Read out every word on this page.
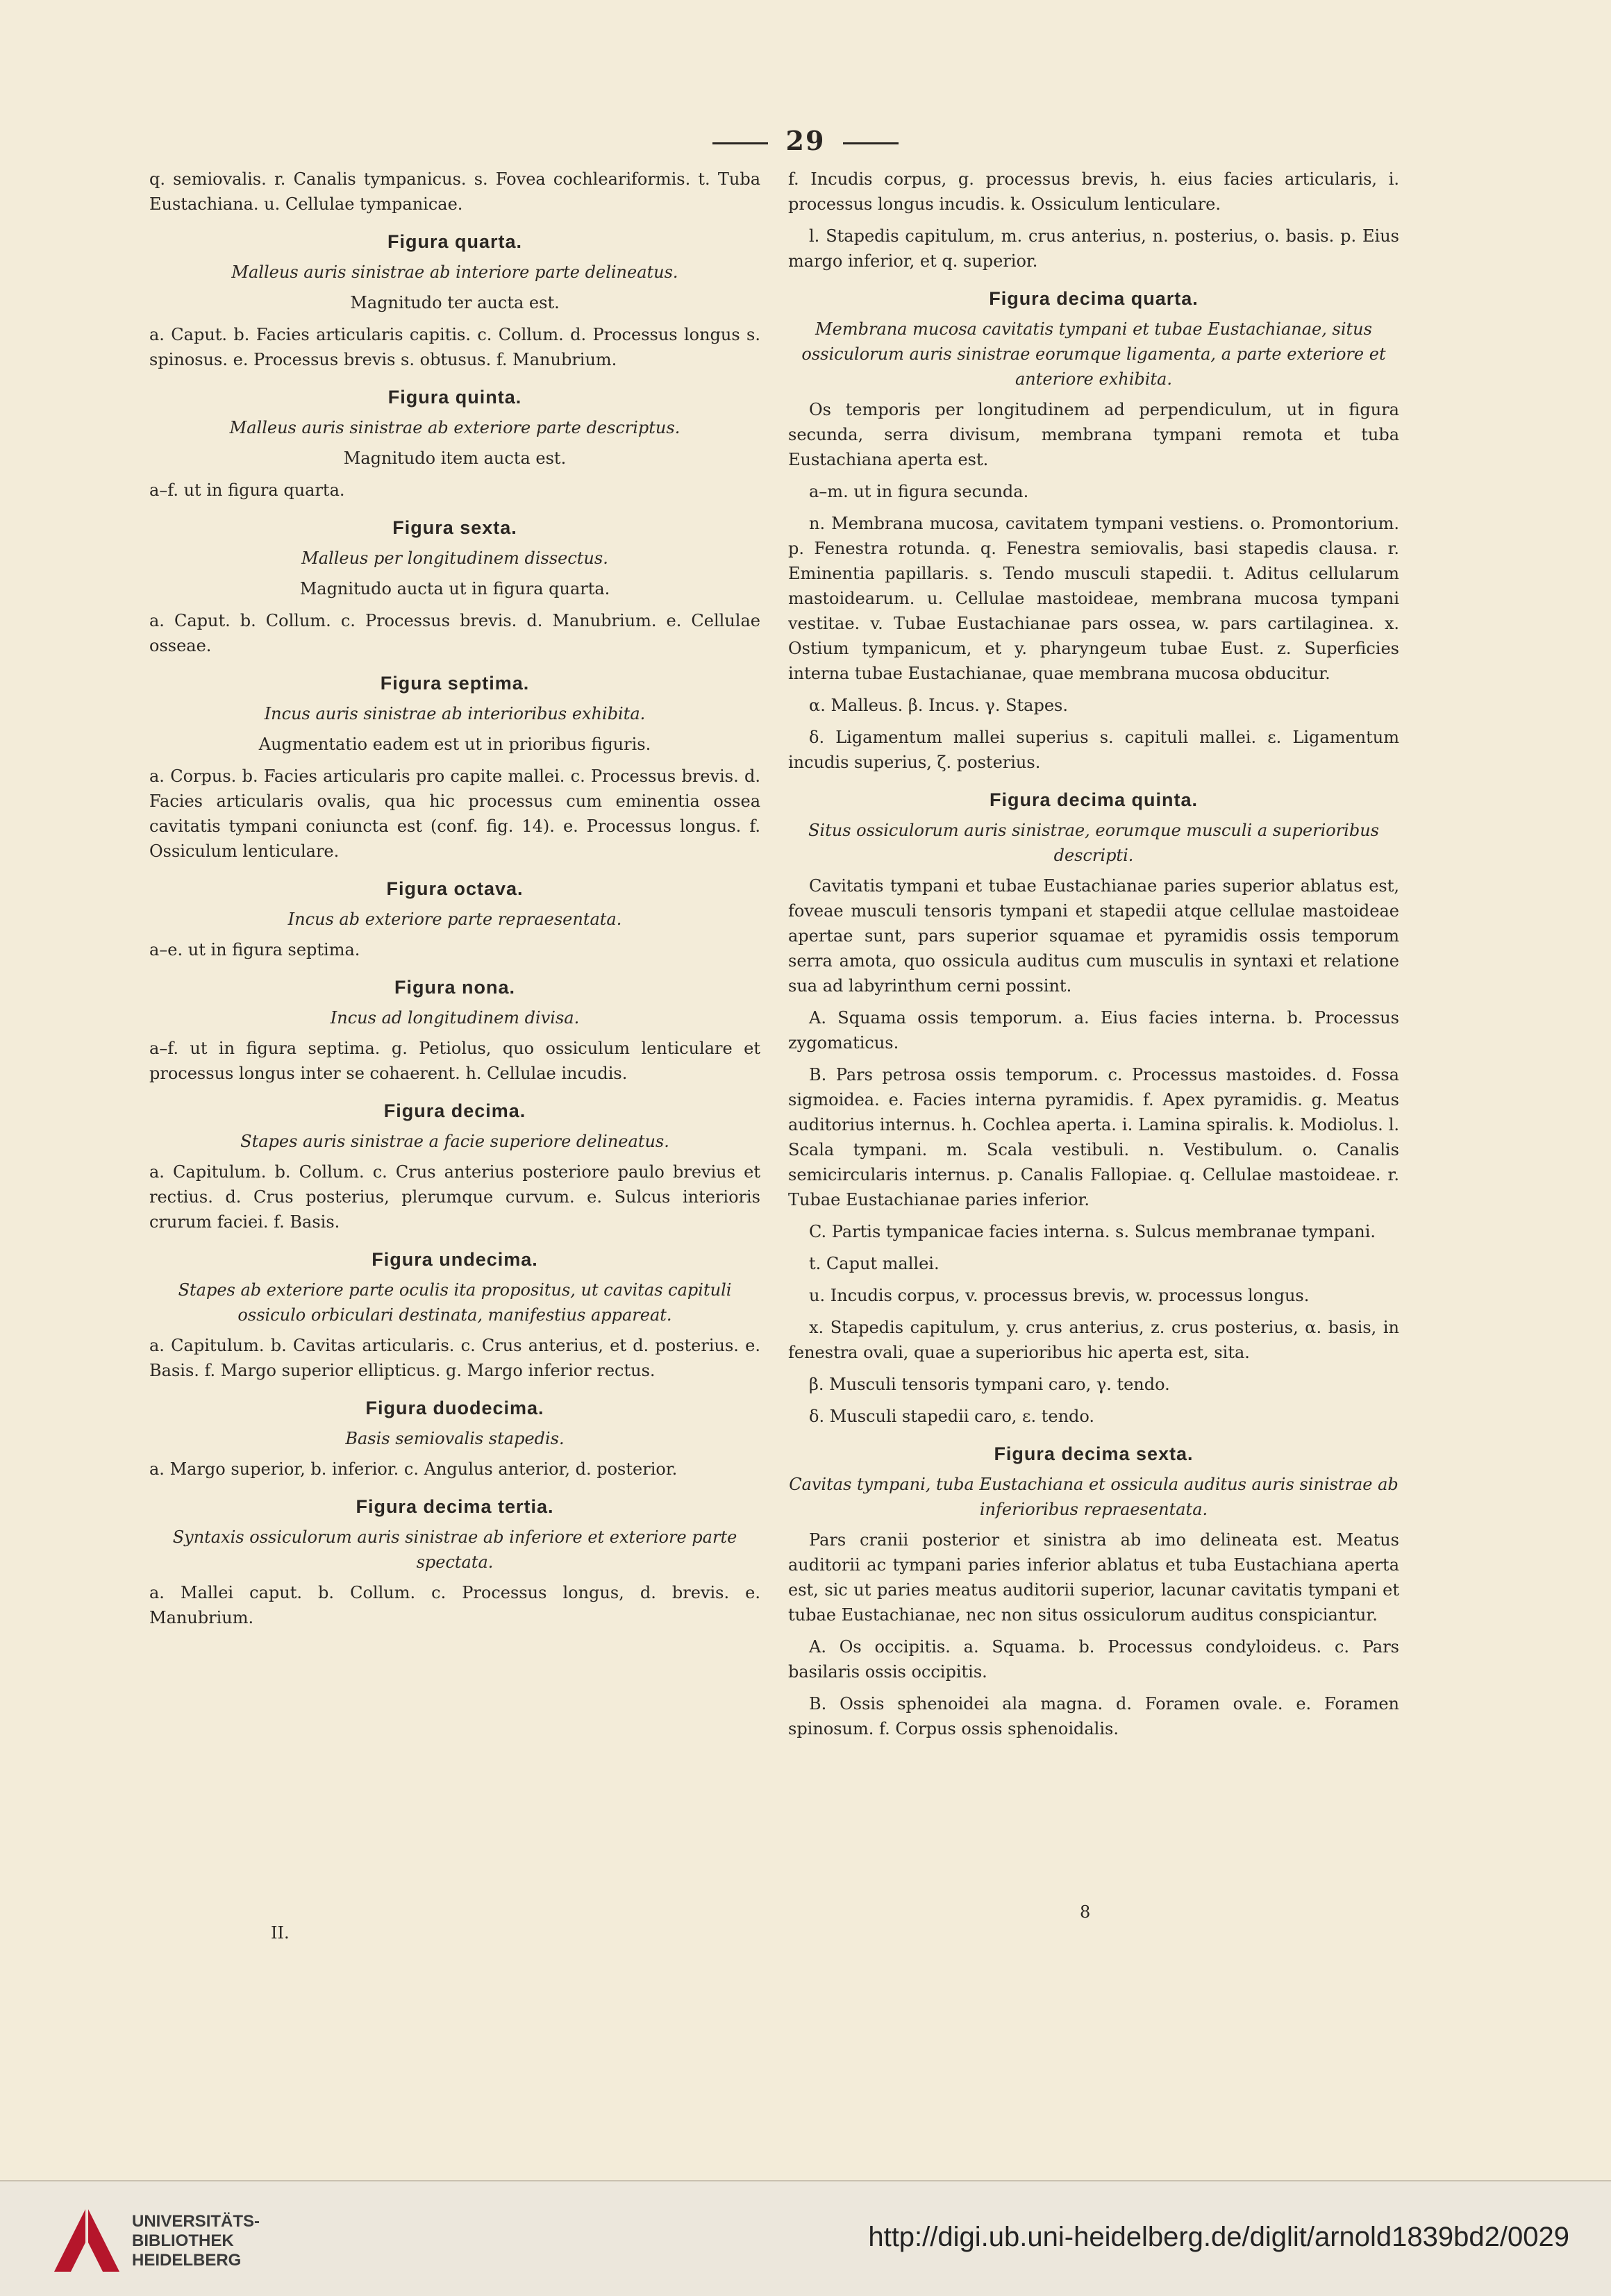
29

q. semiovalis. r. Canalis tympanicus. s. Fovea cochleariformis. t. Tuba Eustachiana. u. Cellulae tympanicae.

Figura quarta.

Malleus auris sinistrae ab interiore parte delineatus.

Magnitudo ter aucta est.

a. Caput. b. Facies articularis capitis. c. Collum. d. Processus longus s. spinosus. e. Processus brevis s. obtusus. f. Manubrium.

Figura quinta.

Malleus auris sinistrae ab exteriore parte descriptus.

Magnitudo item aucta est.

a–f. ut in figura quarta.

Figura sexta.

Malleus per longitudinem dissectus.

Magnitudo aucta ut in figura quarta.

a. Caput. b. Collum. c. Processus brevis. d. Manubrium. e. Cellulae osseae.

Figura septima.

Incus auris sinistrae ab interioribus exhibita.

Augmentatio eadem est ut in prioribus figuris.

a. Corpus. b. Facies articularis pro capite mallei. c. Processus brevis. d. Facies articularis ovalis, qua hic processus cum eminentia ossea cavitatis tympani coniuncta est (conf. fig. 14). e. Processus longus. f. Ossiculum lenticulare.

Figura octava.

Incus ab exteriore parte repraesentata.

a–e. ut in figura septima.

Figura nona.

Incus ad longitudinem divisa.

a–f. ut in figura septima. g. Petiolus, quo ossiculum lenticulare et processus longus inter se cohaerent. h. Cellulae incudis.

Figura decima.

Stapes auris sinistrae a facie superiore delineatus.

a. Capitulum. b. Collum. c. Crus anterius posteriore paulo brevius et rectius. d. Crus posterius, plerumque curvum. e. Sulcus interioris crurum faciei. f. Basis.

Figura undecima.

Stapes ab exteriore parte oculis ita propositus, ut cavitas capituli ossiculo orbiculari destinata, manifestius appareat.

a. Capitulum. b. Cavitas articularis. c. Crus anterius, et d. posterius. e. Basis. f. Margo superior ellipticus. g. Margo inferior rectus.

Figura duodecima.

Basis semiovalis stapedis.

a. Margo superior, b. inferior. c. Angulus anterior, d. posterior.

Figura decima tertia.

Syntaxis ossiculorum auris sinistrae ab inferiore et exteriore parte spectata.

a. Mallei caput. b. Collum. c. Processus longus, d. brevis. e. Manubrium.

f. Incudis corpus, g. processus brevis, h. eius facies articularis, i. processus longus incudis. k. Ossiculum lenticulare.

l. Stapedis capitulum, m. crus anterius, n. posterius, o. basis. p. Eius margo inferior, et q. superior.

Figura decima quarta.

Membrana mucosa cavitatis tympani et tubae Eustachianae, situs ossiculorum auris sinistrae eorumque ligamenta, a parte exteriore et anteriore exhibita.

Os temporis per longitudinem ad perpendiculum, ut in figura secunda, serra divisum, membrana tympani remota et tuba Eustachiana aperta est.

a–m. ut in figura secunda.

n. Membrana mucosa, cavitatem tympani vestiens. o. Promontorium. p. Fenestra rotunda. q. Fenestra semiovalis, basi stapedis clausa. r. Eminentia papillaris. s. Tendo musculi stapedii. t. Aditus cellularum mastoidearum. u. Cellulae mastoideae, membrana mucosa tympani vestitae. v. Tubae Eustachianae pars ossea, w. pars cartilaginea. x. Ostium tympanicum, et y. pharyngeum tubae Eust. z. Superficies interna tubae Eustachianae, quae membrana mucosa obducitur.

α. Malleus. β. Incus. γ. Stapes.

δ. Ligamentum mallei superius s. capituli mallei. ε. Ligamentum incudis superius, ζ. posterius.

Figura decima quinta.

Situs ossiculorum auris sinistrae, eorumque musculi a superioribus descripti.

Cavitatis tympani et tubae Eustachianae paries superior ablatus est, foveae musculi tensoris tympani et stapedii atque cellulae mastoideae apertae sunt, pars superior squamae et pyramidis ossis temporum serra amota, quo ossicula auditus cum musculis in syntaxi et relatione sua ad labyrinthum cerni possint.

A. Squama ossis temporum. a. Eius facies interna. b. Processus zygomaticus.

B. Pars petrosa ossis temporum. c. Processus mastoides. d. Fossa sigmoidea. e. Facies interna pyramidis. f. Apex pyramidis. g. Meatus auditorius internus. h. Cochlea aperta. i. Lamina spiralis. k. Modiolus. l. Scala tympani. m. Scala vestibuli. n. Vestibulum. o. Canalis semicircularis internus. p. Canalis Fallopiae. q. Cellulae mastoideae. r. Tubae Eustachianae paries inferior.

C. Partis tympanicae facies interna. s. Sulcus membranae tympani.

t. Caput mallei.

u. Incudis corpus, v. processus brevis, w. processus longus.

x. Stapedis capitulum, y. crus anterius, z. crus posterius, α. basis, in fenestra ovali, quae a superioribus hic aperta est, sita.

β. Musculi tensoris tympani caro, γ. tendo.

δ. Musculi stapedii caro, ε. tendo.

Figura decima sexta.

Cavitas tympani, tuba Eustachiana et ossicula auditus auris sinistrae ab inferioribus repraesentata.

Pars cranii posterior et sinistra ab imo delineata est. Meatus auditorii ac tympani paries inferior ablatus et tuba Eustachiana aperta est, sic ut paries meatus auditorii superior, lacunar cavitatis tympani et tubae Eustachianae, nec non situs ossiculorum auditus conspiciantur.

A. Os occipitis. a. Squama. b. Processus condyloideus. c. Pars basilaris ossis occipitis.

B. Ossis sphenoidei ala magna. d. Foramen ovale. e. Foramen spinosum. f. Corpus ossis sphenoidalis.

II.
8
UNIVERSITÄTS-
BIBLIOTHEK
HEIDELBERG
http://digi.ub.uni-heidelberg.de/diglit/arnold1839bd2/0029
